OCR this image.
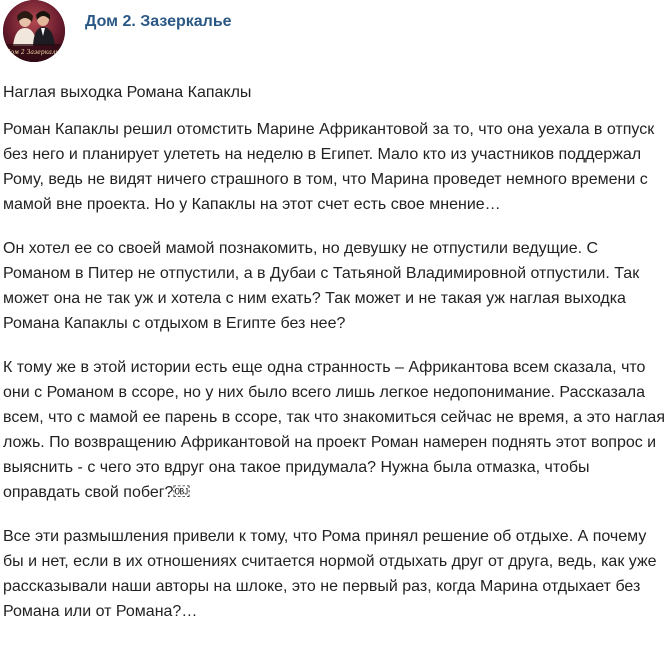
Дом 2 Зазеркалье
Дом 2. Зазеркалье

Наглая выходка Романа Капаклы

Роман Капаклы решил отомстить Марине Африкантовой за то, что она уехала в отпуск без него и планирует улететь на неделю в Египет. Мало кто из участников поддержал Рому, ведь не видят ничего страшного в том, что Марина проведет немного времени с мамой вне проекта. Но у Капаклы на этот счет есть свое мнение…

Он хотел ее со своей мамой познакомить, но девушку не отпустили ведущие. С Романом в Питер не отпустили, а в Дубаи с Татьяной Владимировной отпустили. Так может она не так уж и хотела с ним ехать? Так может и не такая уж наглая выходка Романа Капаклы с отдыхом в Египте без нее?

К тому же в этой истории есть еще одна странность – Африкантова всем сказала, что они с Романом в ссоре, но у них было всего лишь легкое недопонимание. Рассказала всем, что с мамой ее парень в ссоре, так что знакомиться сейчас не время, а это наглая ложь. По возвращению Африкантовой на проект Роман намерен поднять этот вопрос и выяснить - с чего это вдруг она такое придумала? Нужна была отмазка, чтобы оправдать свой побег?￼

Все эти размышления привели к тому, что Рома принял решение об отдыхе. А почему бы и нет, если в их отношениях считается нормой отдыхать друг от друга, ведь, как уже рассказывали наши авторы на шлоке, это не первый раз, когда Марина отдыхает без Романа или от Романа?…
